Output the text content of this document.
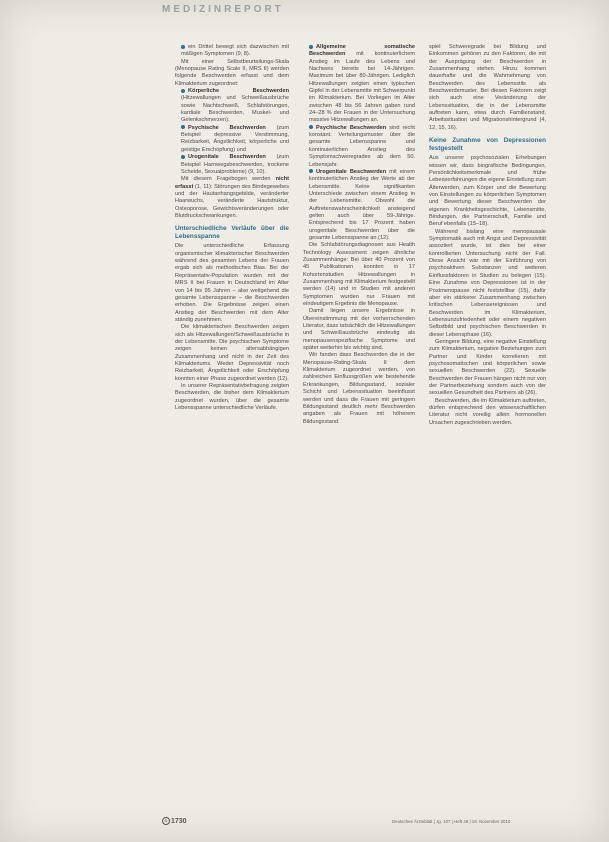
MEDIZINREPORT

ein Drittel bewegt sich dazwischen mit mäßigen Symptomen (9, 8).

Mit einer Selbstbeurteilungs-Skala (Menopause Rating Scale II, MRS II) werden folgende Beschwerden erfasst und dem Klimakterium zugeordnet:

Körperliche Beschwerden (Hitzewallungen und Schweißausbrüche sowie Nachtschweiß, Schlafstörungen, kardiale Beschwerden, Muskel- und Gelenkschmerzen).

Psychische Beschwerden (zum Beispiel depressive Verstimmung, Reizbarkeit, Ängstlichkeit, körperliche und geistige Erschöpfung) und

Urogenitale Beschwerden (zum Beispiel Harnwegsbeschwerden, trockene Scheide, Sexualprobleme) (9, 10).

Mit diesem Fragebogen werden nicht erfasst (1, 11): Störungen des Bindegewebes und der Hautanhangsgebilde, veränderter Haarwuchs, veränderte Hautstruktur, Osteoporose, Gewichtsveränderungen oder Blutdruckschwankungen.

Unterschiedliche Verläufe über die Lebensspanne

Die unterschiedliche Erfassung organismischer klimakterischer Beschwerden während des gesamten Lebens der Frauen ergab sich als methodisches Bias. Bei der Repräsentativ-Population wurden mit der MRS II bei Frauen in Deutschland im Alter von 14 bis 95 Jahren – also weitgehend die gesamte Lebensspanne – die Beschwerden erhoben. Die Ergebnisse zeigen einen Anstieg der Beschwerden mit dem Alter ständig zunehmen.

Die klimakterischen Beschwerden zeigen sich als Hitzewallungen/Schweißausbrüche in der Lebensmitte. Die psychischen Symptome zeigen keinen altersabhängigen Zusammenhang und nicht in der Zeit des Klimakteriums. Weder Depressivität noch Reizbarkeit, Ängstlichkeit oder Erschöpfung konnten einer Phase zugeordnet werden (12).

In unserer Repräsentativbefragung zeigten Beschwerden, die bisher dem Klimakterium zugeordnet wurden, über die gesamte Lebensspanne unterschiedliche Verläufe.

Allgemeine somatische Beschwerden mit kontinuierlichem Anstieg im Laufe des Lebens und Nachweis bereits bei 14-Jährigen. Maximum bei über 80-Jährigen. Lediglich Hitzewallungen zeigten einen typischen Gipfel in der Lebensmitte mit Schwerpunkt im Klimakterium. Bei Vorliegen im Alter zwischen 48 bis 56 Jahren gaben rund 24–28 % der Frauen in der Untersuchung massive Hitzewallungen an.

Psychische Beschwerden sind recht konstant. Verteilungsmuster über die gesamte Lebensspanne und kontinuierlichen Anstieg des Symptomschweregrades ab dem 50. Lebensjahr.

Urogenitale Beschwerden mit einem kontinuierlichen Anstieg der Werte ab der Lebensmitte. Keine signifikanten Unterschiede zwischen einem Anstieg in der Lebensmitte. Obwohl die Auftretenswahrscheinlichkeit ansteigend gelten auch über 59-Jährige. Entsprechend bis 17 Prozent haben urogenitale Beschwerden über die gesamte Lebensspanne an (12).

Die Schlafstörungsdiagnosen aus Health Technology Assessment zeigen ähnliche Zusammenhänge: Bei über 40 Prozent von 45 Publikationen konnten in 17 Kohortenstudien Hitzewallungen in Zusammenhang mit Klimakterium festgestellt werden (14) und in Studien mit anderen Symptomen wurden nur Frauen mit eindeutigem Ergebnis die Menopause.

Damit liegen unsere Ergebnisse in Übereinstimmung mit der vorherrschenden Literatur, dass tatsächlich die Hitzewallungen und Schweißausbrüche eindeutig als menopausenspezifische Symptome und später weiterhin bis wichtig sind.

Wir fanden dass Beschwerden die in der Menopause-Rating-Skala II dem Klimakterium zugeordnet werden, von zahlreichen Einflussgrößen wie bestehende Erkrankungen, Bildungsstand, sozialer Schicht und Lebenssituation beeinflusst werden und dass die Frauen mit geringem Bildungsstand deutlich mehr Beschwerden angaben als Frauen mit höherem Bildungsstand.

spiel Schweregrade bei Bildung und Einkommen gehören zu den Faktoren, die mit der Ausprägung der Beschwerden in Zusammenhang stehen. Hinzu kommen dauerhafte und die Wahrnehmung von Beschwerden des Lebensstils als Beschwerdemuster. Bei diesen Faktoren zeigt sich auch eine Veränderung der Lebenssituation, die in der Lebensmitte auftreten kann, etwa durch Familienstand, Arbeitssituation und Migrationshintergrund (4, 12, 15, 16).

Keine Zunahme von Depressionen festgestellt

Aus unserer psychosozialen Erhebungen wissen wir, dass biografische Bedingungen, Persönlichkeitsmerkmale und frühe Lebenserfahrungen die eigene Einstellung zum Älterwerden, zum Körper und die Bewertung von Einstellungen zu körperlichen Symptomen und Bewertung dieser Beschwerden der eigenen Krankheitsgeschichte, Lebensmitte, Bindungen, die Partnerschaft, Familie und Beruf ebenfalls (15–18).

Während bislang eine menopausale Symptomatik auch mit Angst und Depressivität assoziiert wurde, ist dies bei einer kontrollierten Untersuchung nicht der Fall. Diese Ansicht war mit der Einführung von psychoaktiven Substanzen und weiteren Einflussfaktoren in Studien zu belegen (15). Eine Zunahme von Depressionen ist in der Postmenopause nicht feststellbar (15), dafür aber ein stärkerer Zusammenhang zwischen kritischen Lebensereignissen und Beschwerden im Klimakterium, Lebensunzufriedenheit oder einem negativen Selbstbild und psychischen Beschwerden in dieser Lebensphase (16).

Geringere Bildung, eine negative Einstellung zum Klimakterium, negative Beziehungen zum Partner und Kinder korrelieren mit psychosomatischen und körperlichen sowie sexuellen Beschwerden (22). Sexuelle Beschwerden der Frauen hängen nicht nur von der Partnerbeziehung sondern auch von der sexuellen Gesundheit des Partners ab (26).

Beschwerden, die im Klimakterium auftreten, dürfen entsprechend den wissenschaftlichen Literatur nicht voreilig allein hormonellen Ursachen zugeschrieben werden.

C 1730	Deutsches Ärzteblatt | Jg. 107 | Heft 46 | 19. November 2010
